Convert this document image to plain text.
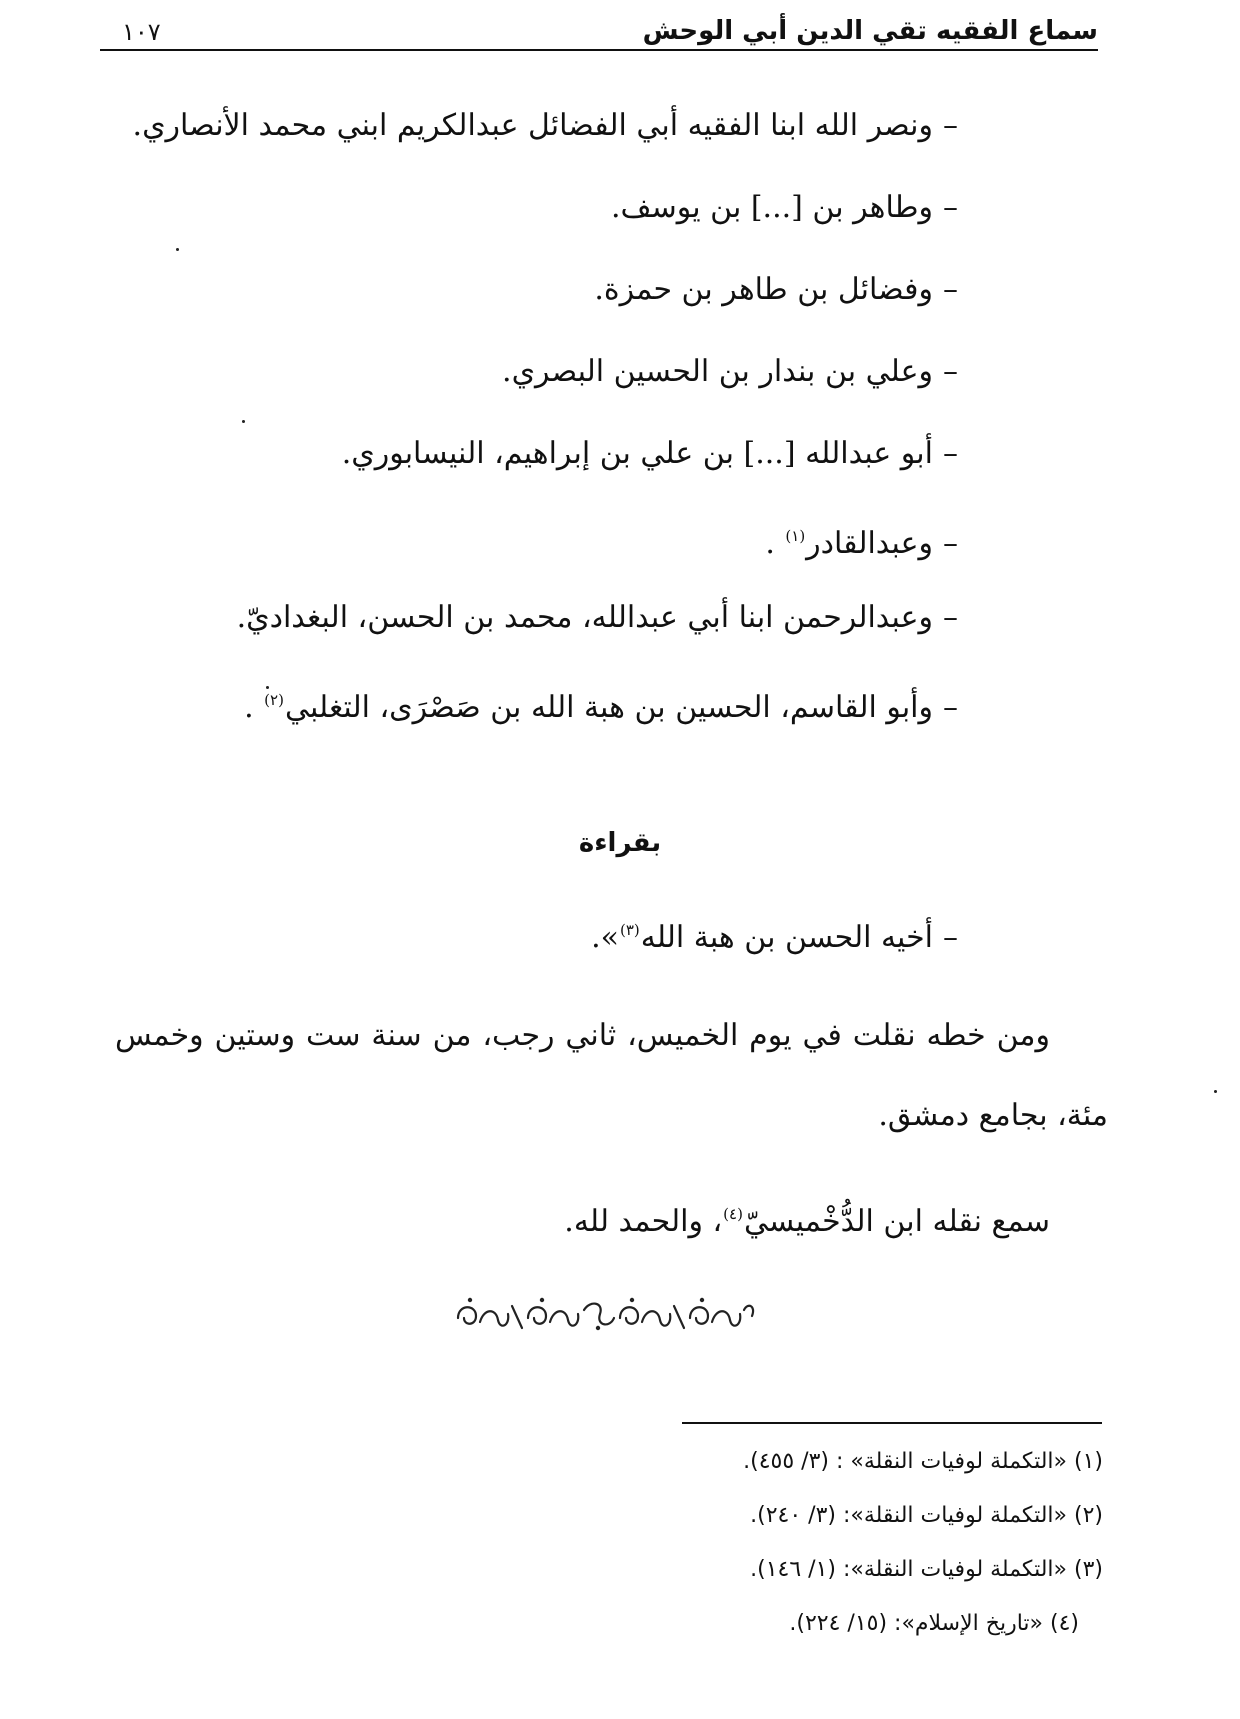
سماع الفقيه تقي الدين أبي الوحش
١٠٧
–ونصر الله ابنا الفقيه أبي الفضائل عبدالكريم ابني محمد الأنصاري.
–وطاهر بن [...] بن يوسف.
–وفضائل بن طاهر بن حمزة.
–وعلي بن بندار بن الحسين البصري.
–أبو عبدالله [...] بن علي بن إبراهيم، النيسابوري.
–وعبدالقادر$^{(١)}$ .
–وعبدالرحمن ابنا أبي عبدالله، محمد بن الحسن، البغداديّ.
–وأبو القاسم، الحسين بن هبة الله بن صَصْرَى، التغلبي$^{(٢)}$ .
بقراءة
–أخيه الحسن بن هبة الله$^{(٣)}$».
ومن خطه نقلت في يوم الخميس، ثاني رجب، من سنة ست وستين وخمس
مئة، بجامع دمشق.
سمع نقله ابن الدُّخْميسيّ$^{(٤)}$، والحمد لله.
(١) «التكملة لوفيات النقلة» : (٣/ ٤٥٥).
(٢) «التكملة لوفيات النقلة»: (٣/ ٢٤٠).
(٣) «التكملة لوفيات النقلة»: (١/ ١٤٦).
(٤) «تاريخ الإسلام»: (١٥/ ٢٢٤).
